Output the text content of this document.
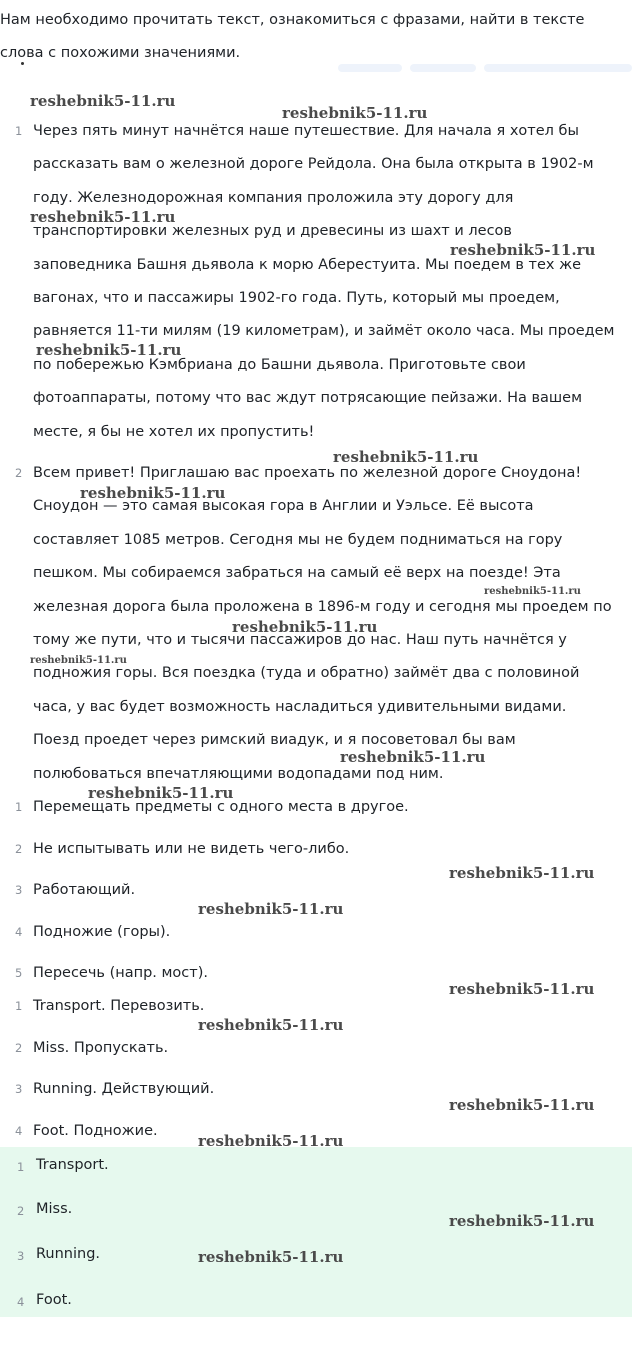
Нам необходимо прочитать текст, ознакомиться с фразами, найти в тексте слова с похожими значениями.

1 Через пять минут начнётся наше путешествие. Для начала я хотел бы
рассказать вам о железной дороге Рейдола. Она была открыта в 1902-м
году. Железнодорожная компания проложила эту дорогу для
транспортировки железных руд и древесины из шахт и лесов
заповедника Башня дьявола к морю Аберестуита. Мы поедем в тех же
вагонах, что и пассажиры 1902-го года. Путь, который мы проедем,
равняется 11-ти милям (19 километрам), и займёт около часа. Мы проедем
по побережью Кэмбриана до Башни дьявола. Приготовьте свои
фотоаппараты, потому что вас ждут потрясающие пейзажи. На вашем
месте, я бы не хотел их пропустить!

2 Всем привет! Приглашаю вас проехать по железной дороге Сноудона!
Сноудон — это самая высокая гора в Англии и Уэльсе. Её высота
составляет 1085 метров. Сегодня мы не будем подниматься на гору
пешком. Мы собираемся забраться на самый её верх на поезде! Эта
железная дорога была проложена в 1896-м году и сегодня мы проедем по
тому же пути, что и тысячи пассажиров до нас. Наш путь начнётся у
подножия горы. Вся поездка (туда и обратно) займёт два с половиной
часа, у вас будет возможность насладиться удивительными видами.
Поезд проедет через римский виадук, и я посоветовал бы вам
полюбоваться впечатляющими водопадами под ним.

1 Перемещать предметы с одного места в другое.

2 Не испытывать или не видеть чего-либо.

3 Работающий.

4 Подножие (горы).

5 Пересечь (напр. мост).

1 Transport. Перевозить.

2 Miss. Пропускать.

3 Running. Действующий.

4 Foot. Подножие.

1 Transport.

2 Miss.

3 Running.

4 Foot.

reshebnik5-11.ru
reshebnik5-11.ru
reshebnik5-11.ru
reshebnik5-11.ru
reshebnik5-11.ru
reshebnik5-11.ru
reshebnik5-11.ru
reshebnik5-11.ru
reshebnik5-11.ru
reshebnik5-11.ru
reshebnik5-11.ru
reshebnik5-11.ru
reshebnik5-11.ru
reshebnik5-11.ru
reshebnik5-11.ru
reshebnik5-11.ru
reshebnik5-11.ru
reshebnik5-11.ru
reshebnik5-11.ru
reshebnik5-11.ru
